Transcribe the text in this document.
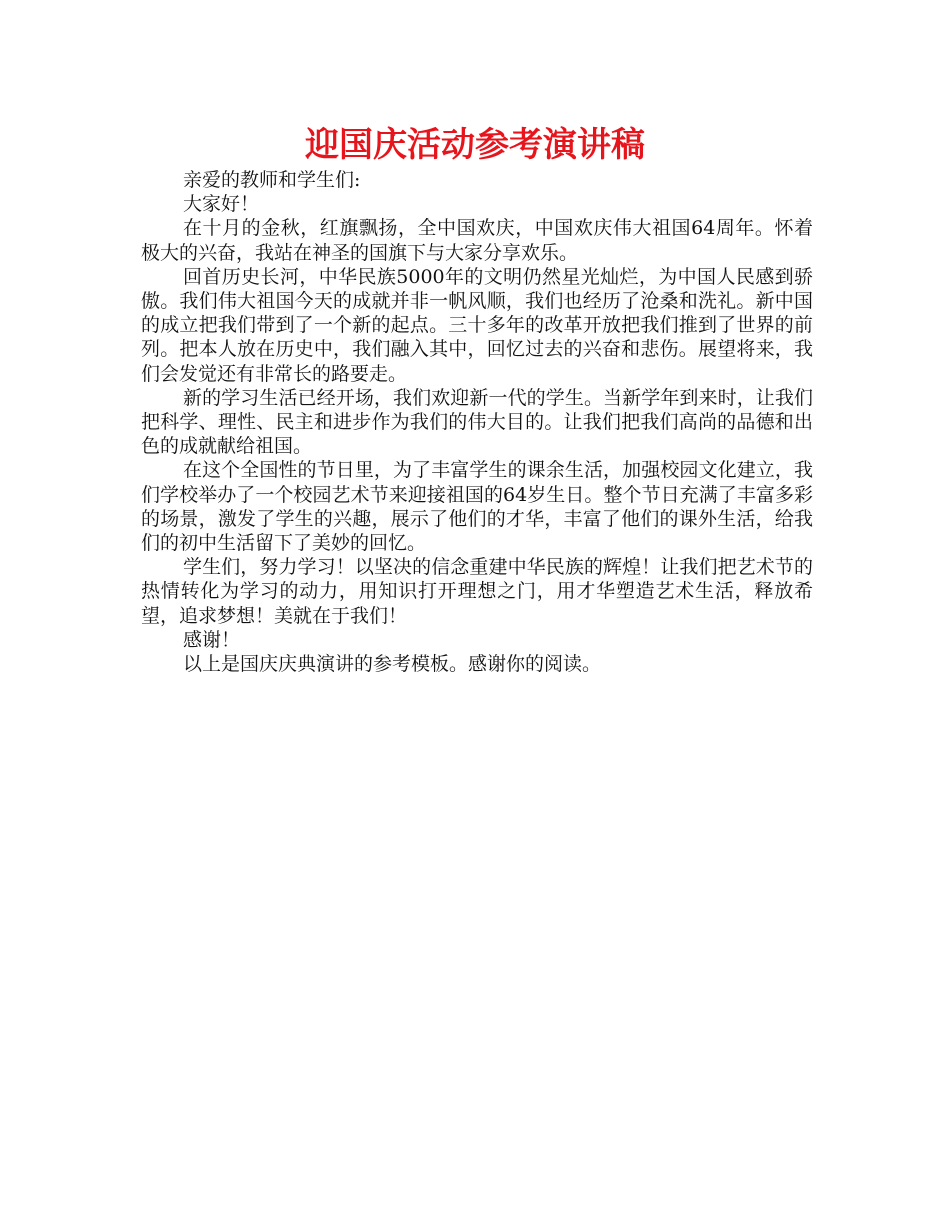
迎国庆活动参考演讲稿

亲爱的教师和学生们:

大家好！

在十月的金秋，红旗飘扬，全中国欢庆，中国欢庆伟大祖国64周年。怀着极大的兴奋，我站在神圣的国旗下与大家分享欢乐。

回首历史长河，中华民族5000年的文明仍然星光灿烂，为中国人民感到骄傲。我们伟大祖国今天的成就并非一帆风顺，我们也经历了沧桑和洗礼。新中国的成立把我们带到了一个新的起点。三十多年的改革开放把我们推到了世界的前列。把本人放在历史中，我们融入其中，回忆过去的兴奋和悲伤。展望将来，我们会发觉还有非常长的路要走。

新的学习生活已经开场，我们欢迎新一代的学生。当新学年到来时，让我们把科学、理性、民主和进步作为我们的伟大目的。让我们把我们高尚的品德和出色的成就献给祖国。

在这个全国性的节日里，为了丰富学生的课余生活，加强校园文化建立，我们学校举办了一个校园艺术节来迎接祖国的64岁生日。整个节日充满了丰富多彩的场景，激发了学生的兴趣，展示了他们的才华，丰富了他们的课外生活，给我们的初中生活留下了美妙的回忆。

学生们，努力学习！以坚决的信念重建中华民族的辉煌！让我们把艺术节的热情转化为学习的动力，用知识打开理想之门，用才华塑造艺术生活，释放希望，追求梦想！美就在于我们！

感谢！

以上是国庆庆典演讲的参考模板。感谢你的阅读。
